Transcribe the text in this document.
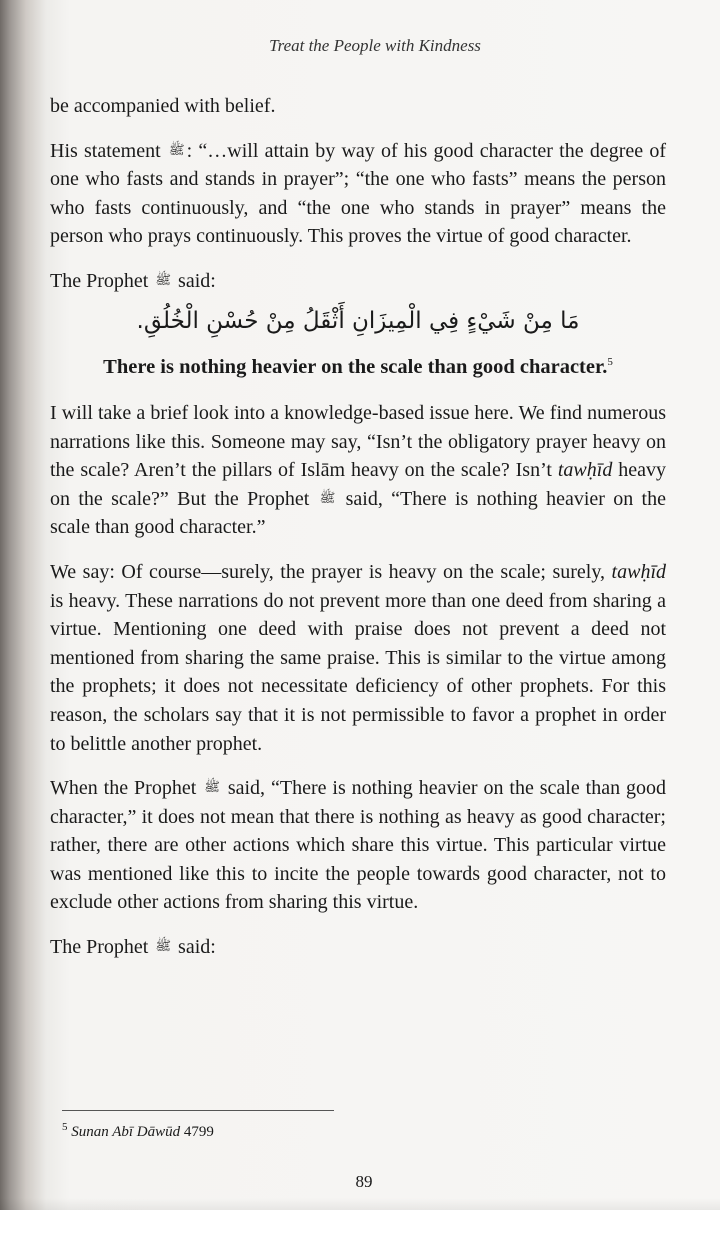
Treat the People with Kindness

be accompanied with belief.

His statement ﷺ : “…will attain by way of his good character the degree of one who fasts and stands in prayer”; “the one who fasts” means the person who fasts continuously, and “the one who stands in prayer” means the person who prays continuously. This proves the virtue of good character.

The Prophet ﷺ said:

مَا مِنْ شَيْءٍ فِي الْمِيزَانِ أَثْقَلُ مِنْ حُسْنِ الْخُلُقِ.
There is nothing heavier on the scale than good character.$^5$

I will take a brief look into a knowledge-based issue here. We find numerous narrations like this. Someone may say, “Isn’t the obligatory prayer heavy on the scale? Aren’t the pillars of Islām heavy on the scale? Isn’t tawḥīd heavy on the scale?” But the Prophet ﷺ said, “There is nothing heavier on the scale than good character.”

We say: Of course—surely, the prayer is heavy on the scale; surely, tawḥīd is heavy. These narrations do not prevent more than one deed from sharing a virtue. Mentioning one deed with praise does not prevent a deed not mentioned from sharing the same praise. This is similar to the virtue among the prophets; it does not necessitate deficiency of other prophets. For this reason, the scholars say that it is not permissible to favor a prophet in order to belittle another prophet.

When the Prophet ﷺ said, “There is nothing heavier on the scale than good character,” it does not mean that there is nothing as heavy as good character; rather, there are other actions which share this virtue. This particular virtue was mentioned like this to incite the people towards good character, not to exclude other actions from sharing this virtue.

The Prophet ﷺ said:

$^5$ Sunan Abī Dāwūd 4799
89
